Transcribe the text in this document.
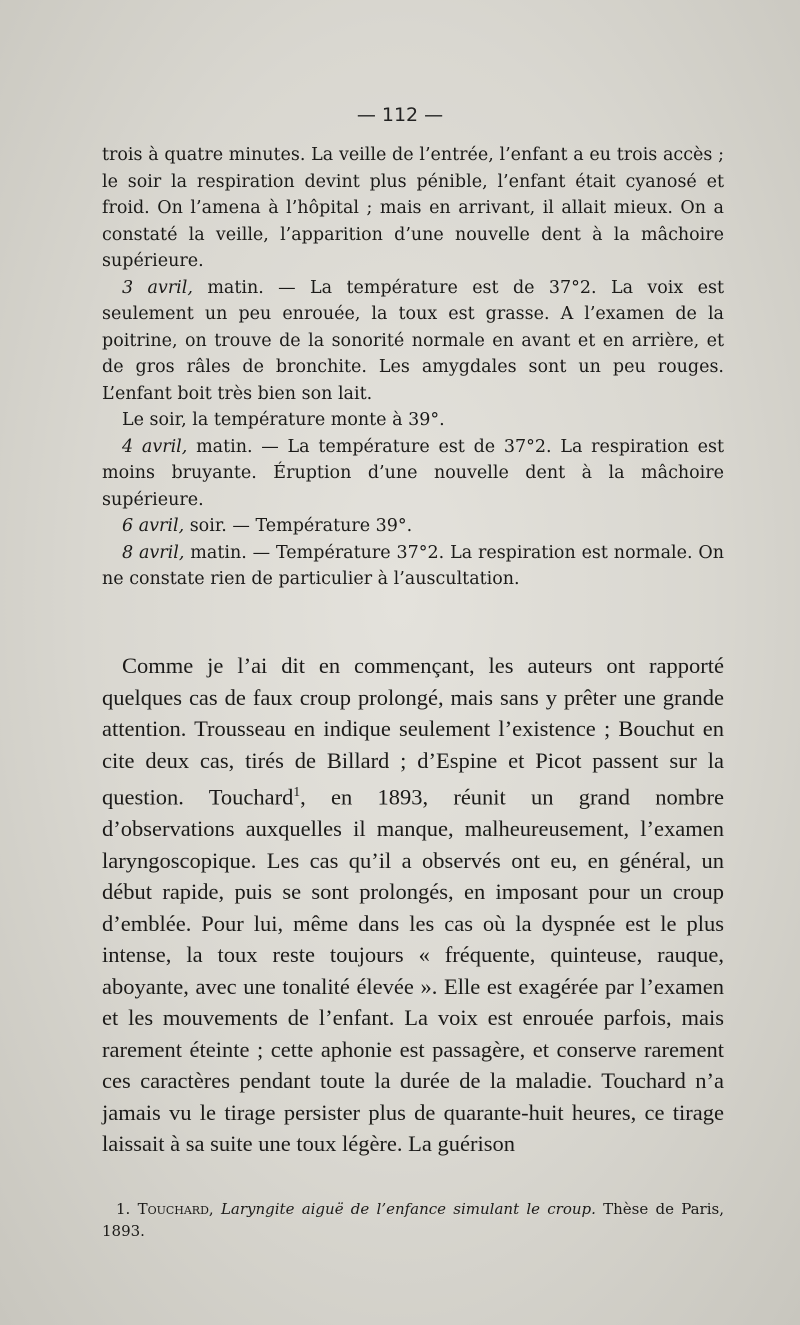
— 112 —

trois à quatre minutes. La veille de l’entrée, l’enfant a eu trois accès ; le soir la respiration devint plus pénible, l’enfant était cyanosé et froid. On l’amena à l’hôpital ; mais en arrivant, il allait mieux. On a constaté la veille, l’apparition d’une nouvelle dent à la mâchoire supérieure.

3 avril, matin. — La température est de 37°2. La voix est seulement un peu enrouée, la toux est grasse. A l’examen de la poitrine, on trouve de la sonorité normale en avant et en arrière, et de gros râles de bronchite. Les amygdales sont un peu rouges. L’enfant boit très bien son lait.

Le soir, la température monte à 39°.

4 avril, matin. — La température est de 37°2. La respiration est moins bruyante. Éruption d’une nouvelle dent à la mâchoire supérieure.

6 avril, soir. — Température 39°.

8 avril, matin. — Température 37°2. La respiration est normale. On ne constate rien de particulier à l’auscultation.

Comme je l’ai dit en commençant, les auteurs ont rapporté quelques cas de faux croup prolongé, mais sans y prêter une grande attention. Trousseau en indique seulement l’existence ; Bouchut en cite deux cas, tirés de Billard ; d’Espine et Picot passent sur la question. Touchard$^1$, en 1893, réunit un grand nombre d’observations auxquelles il manque, malheureusement, l’examen laryngoscopique. Les cas qu’il a observés ont eu, en général, un début rapide, puis se sont prolongés, en imposant pour un croup d’emblée. Pour lui, même dans les cas où la dyspnée est le plus intense, la toux reste toujours « fréquente, quinteuse, rauque, aboyante, avec une tonalité élevée ». Elle est exagérée par l’examen et les mouvements de l’enfant. La voix est enrouée parfois, mais rarement éteinte ; cette aphonie est passagère, et conserve rarement ces caractères pendant toute la durée de la maladie. Touchard n’a jamais vu le tirage persister plus de quarante-huit heures, ce tirage laissait à sa suite une toux légère. La guérison

1. Touchard, Laryngite aiguë de l’enfance simulant le croup. Thèse de Paris, 1893.
